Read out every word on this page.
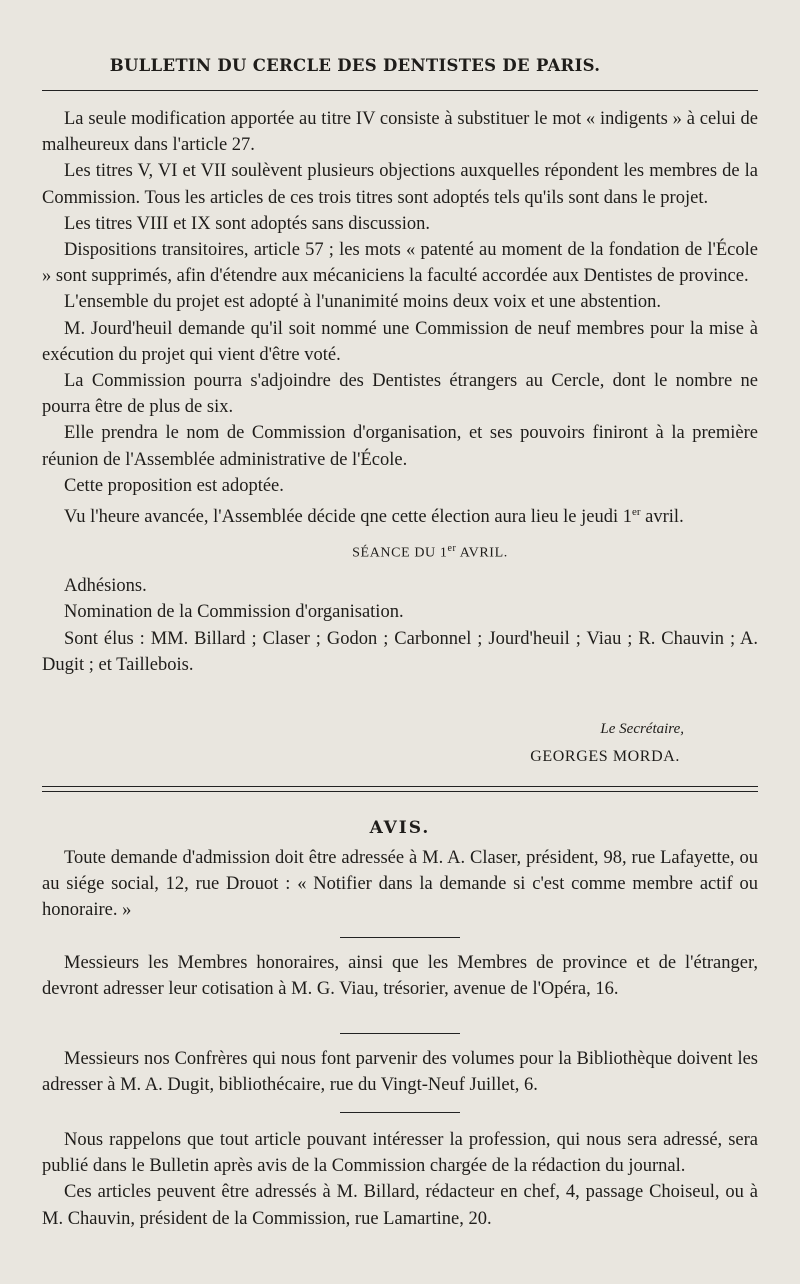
BULLETIN DU CERCLE DES DENTISTES DE PARIS.

La seule modification apportée au titre IV consiste à substituer le mot « indigents » à celui de malheureux dans l'article 27.

Les titres V, VI et VII soulèvent plusieurs objections auxquelles répondent les membres de la Commission. Tous les articles de ces trois titres sont adoptés tels qu'ils sont dans le projet.

Les titres VIII et IX sont adoptés sans discussion.

Dispositions transitoires, article 57 ; les mots « patenté au moment de la fondation de l'École » sont supprimés, afin d'étendre aux mécaniciens la faculté accordée aux Dentistes de province.

L'ensemble du projet est adopté à l'unanimité moins deux voix et une abstention.

M. Jourd'heuil demande qu'il soit nommé une Commission de neuf membres pour la mise à exécution du projet qui vient d'être voté.

La Commission pourra s'adjoindre des Dentistes étrangers au Cercle, dont le nombre ne pourra être de plus de six.

Elle prendra le nom de Commission d'organisation, et ses pouvoirs finiront à la première réunion de l'Assemblée administrative de l'École.

Cette proposition est adoptée.

Vu l'heure avancée, l'Assemblée décide qne cette élection aura lieu le jeudi 1er avril.

SÉANCE DU 1er AVRIL.

Adhésions.

Nomination de la Commission d'organisation.

Sont élus : MM. Billard ; Claser ; Godon ; Carbonnel ; Jourd'heuil ; Viau ; R. Chauvin ; A. Dugit ; et Taillebois.

Le Secrétaire,
GEORGES MORDA.
AVIS.

Toute demande d'admission doit être adressée à M. A. Claser, président, 98, rue Lafayette, ou au siége social, 12, rue Drouot : « Notifier dans la demande si c'est comme membre actif ou honoraire. »

Messieurs les Membres honoraires, ainsi que les Membres de province et de l'étranger, devront adresser leur cotisation à M. G. Viau, trésorier, avenue de l'Opéra, 16.

Messieurs nos Confrères qui nous font parvenir des volumes pour la Bibliothèque doivent les adresser à M. A. Dugit, bibliothécaire, rue du Vingt-Neuf Juillet, 6.

Nous rappelons que tout article pouvant intéresser la profession, qui nous sera adressé, sera publié dans le Bulletin après avis de la Commission chargée de la rédaction du journal.

Ces articles peuvent être adressés à M. Billard, rédacteur en chef, 4, passage Choiseul, ou à M. Chauvin, président de la Commission, rue Lamartine, 20.
